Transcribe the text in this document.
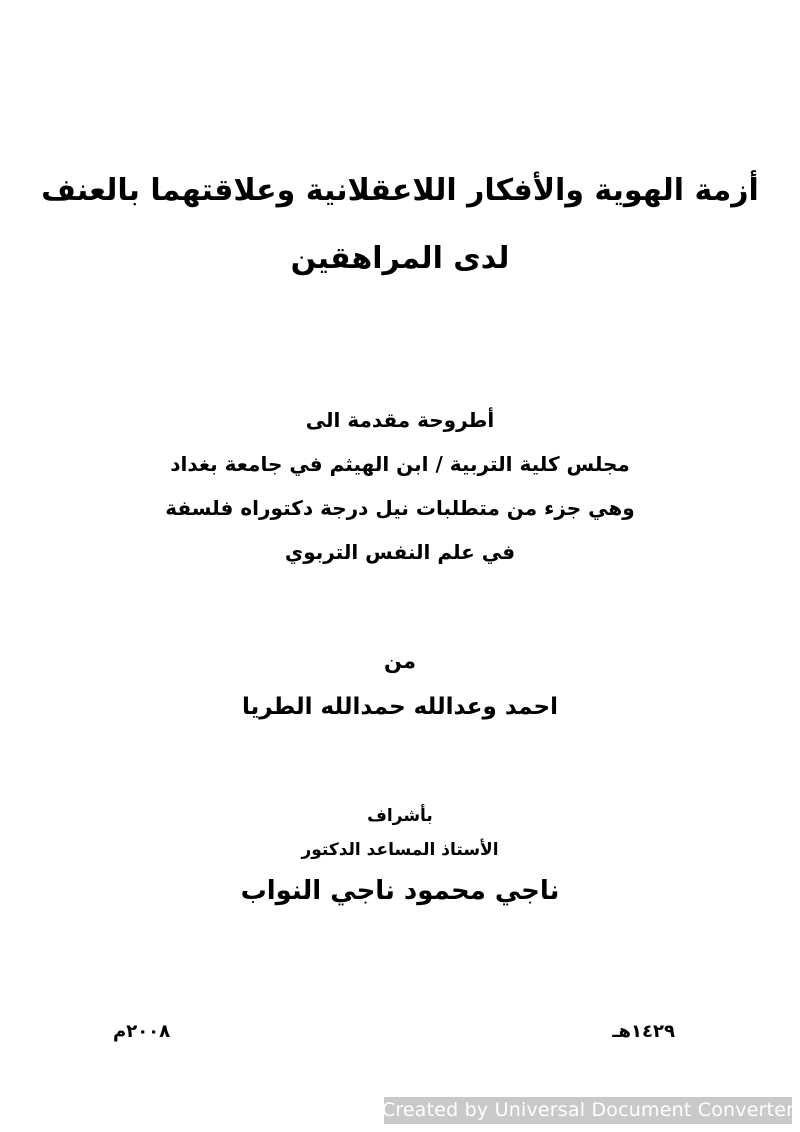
أزمة الهوية والأفكار اللاعقلانية وعلاقتهما بالعنف
لدى المراهقين
أطروحة مقدمة الى
مجلس كلية التربية / ابن الهيثم في جامعة بغداد
وهي جزء من متطلبات نيل درجة دكتوراه فلسفة
في علم النفس التربوي
من
احمد وعدالله حمدالله الطريا
بأشراف
الأستاذ المساعد الدكتور
ناجي محمود ناجي النواب
١٤٢٩هـ
٢٠٠٨م
Created by Universal Document Converter
